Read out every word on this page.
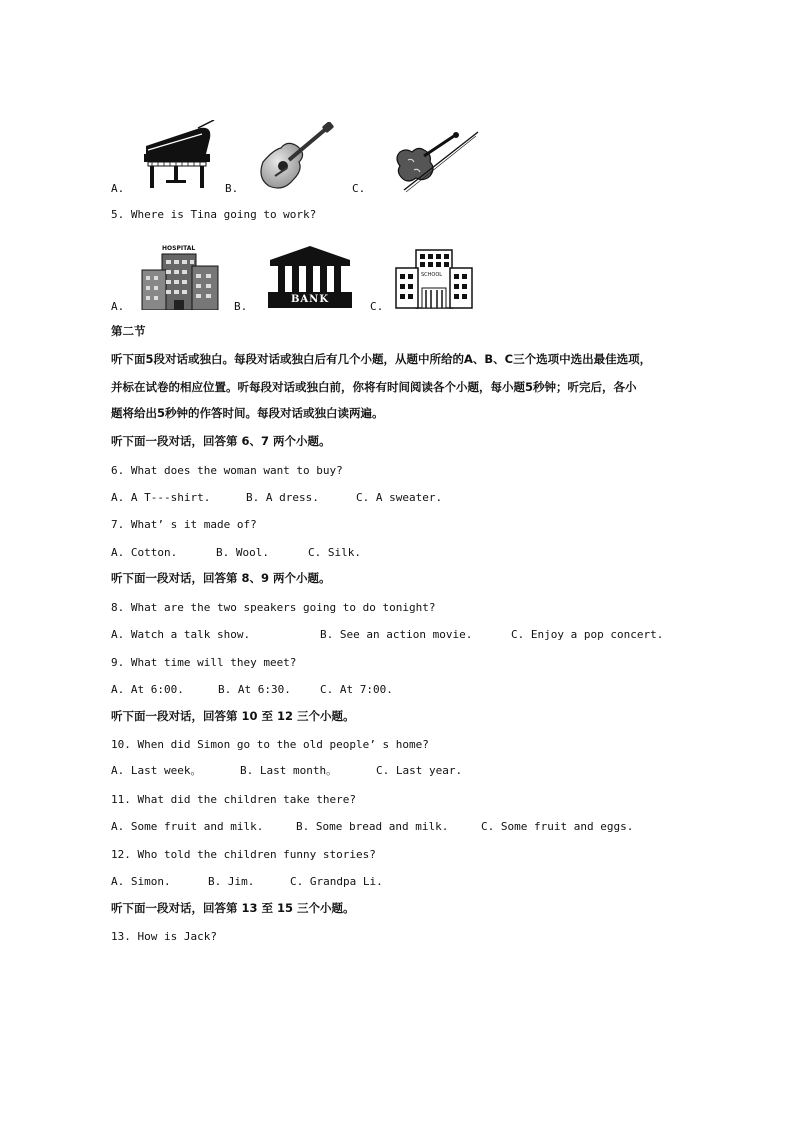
A.	B.	C.
5. Where is Tina going to work?
A.
HOSPITAL
B.
BANK
C.
SCHOOL
第二节
听下面5段对话或独白。每段对话或独白后有几个小题，从题中所给的A、B、C三个选项中选出最佳选项，
并标在试卷的相应位置。听每段对话或独白前，你将有时间阅读各个小题，每小题5秒钟；听完后，各小
题将给出5秒钟的作答时间。每段对话或独白读两遍。
听下面一段对话，回答第 6、7 两个小题。
6. What does the woman want to buy?
A. A T---shirt.	B. A dress.	C. A sweater.
7. What’ s it made of?
A. Cotton.	B. Wool.	C. Silk.
听下面一段对话，回答第 8、9 两个小题。
8. What are the two speakers going to do tonight?
A. Watch a talk show.	B. See an action movie.	C. Enjoy a pop concert.
9. What time will they meet?
A. At 6:00.	B. At 6:30.	C. At 7:00.
听下面一段对话，回答第 10 至 12 三个小题。
10. When did Simon go to the old people’ s home?
A. Last week。	B. Last month。	C. Last year.
11. What did the children take there?
A. Some fruit and milk.	B. Some bread and milk.	C. Some fruit and eggs.
12. Who told the children funny stories?
A. Simon.	B. Jim.	C. Grandpa Li.
听下面一段对话，回答第 13 至 15 三个小题。
13. How is Jack?
